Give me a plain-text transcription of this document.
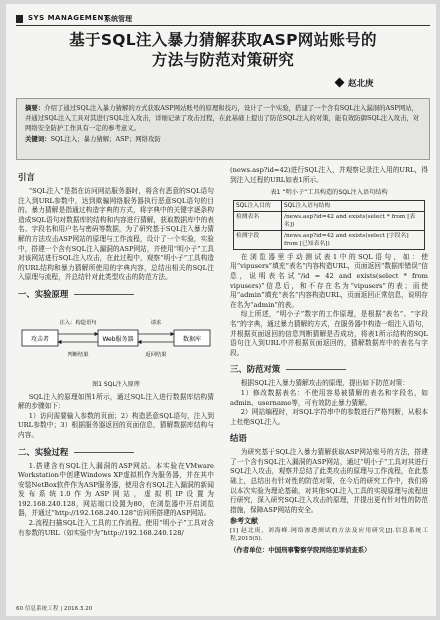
SYS MANAGEMENT
系统管理
基于SQL注入暴力猜解获取ASP网站账号的
方法与防范对策研究
赵北庚
摘要：介绍了通过SQL注入暴力猜解的方式获取ASP网站账号的原理和技巧，设计了一个实验，搭建了一个含有SQL注入漏洞的ASP网站，并通过SQL注入工具对其进行SQL注入攻击，详细记录了攻击过程，在此基础上提出了防范SQL注入的对策，能有效防御SQL注入攻击，对网络安全防护工作具有一定的参考意义。
关键词：SQL注入；暴力猜解；ASP；网络攻防
引言

“SQL注入”是指在访问网站服务器时，将含有恶意的SQL语句注入到URL参数中，达到欺骗网络服务器执行恶意SQL语句的目的。暴力猜解是指通过构造字典的方式，将字典中的关键字逐条构造成SQL语句对数据库的结构和内容进行猜解，获取数据库中的表名、字段名和用户名与密码等数据，为了研究基于SQL注入暴力猜解的方法攻击ASP网站的原理与工作流程，设计了一个实验，实验中，搭建一个含有SQL注入漏洞的ASP网站，并使用“明小子”工具对该网站进行SQL注入攻击，在此过程中，观察“明小子”工具构造的URL结构和暴力猜解所使用的字典内容，总结出相关的SQL注入原理与流程，并总结针对此类型攻击的防范方法。

一、实验原理
攻击者	Web服务器	数据库
注入：构造语句	请求
返回结果
判断结果
图1 SQL注入原理

SQL注入的原理如图1所示，通过SQL注入进行数据库结构猜解的步骤如下：

1）访问需要输入参数的页面；2）构造恶意SQL语句，注入到URL参数中；3）根据服务器返回的页面信息，猜解数据库结构与内容。

二、实验过程

1.搭建含有SQL注入漏洞的ASP网站。本实验在VMware Workstation中创建Windows XP虚拟机作为服务器，并在其中安装NetBox软件作为ASP服务器，使用含有SQL注入漏洞的新闻发布系统1.0作为ASP网站，虚拟机IP设置为192.168.240.128，网站端口设置为80，在浏览器中开启浏览器，并通过“http://192.168.240.128”访问所搭建的ASP网站。

2.流程扫描SQL注入工具的工作流程。使用“明小子”工具对含有参数的URL（如实验中为“http://192.168.240.128/

(news.asp?id=42)进行SQL注入，并观察记录注入用的URL，得到注入过程的URL如表1所示。

表1 “明小子”工具构造的SQL注入语句结构
SQL注入目的	SQL注入语句结构
检测表名	/news.asp?id=42 and exists(select * from [表名])
检测字段	/news.asp?id=42 and exists(select [字段名] from [已知表名])

在浏览器里手动测试表1中的SQL语句，如：使用“vipusers”填充“表名”内容构造URL，页面返回“数据库错误”信息，说明表名试“/id = 42 and exists(select * from vipusers)”信息后，和不存在名为“vipusers”的表；而使用“admin”填充“表名”内容构造URL，页面返回正常信息，说明存在名为“admin”的表。

综上所述，“明小子”数字的工作原理，是根据“表名”、“字段名”的字典，通过暴力猜解的方式，在服务器中构造一组注入语句，并根据页面返回的信息判断猜解是否成功，将表1所示结构的SQL语句注入到URL中并根据页面返回的，猜解数据库中的表名与字段。

三、防范对策

根据SQL注入暴力猜解攻击的原理，提出如下防范对策：

1）修改数据表名：不使用容易被猜解的表名和字段名，如admin、username等，可有效防止暴力猜解。

2）网站编程时，对SQL字符串中的参数进行严格判断，从根本上杜绝SQL注入。

结语

为研究基于SQL注入暴力猜解获取ASP网站账号的方法，搭建了一个含有SQL注入漏洞的ASP网站，通过“明小子”工具对其进行SQL注入攻击，观察并总结了此类攻击的原理与工作流程，在此基础上，总结出有针对性的防范对策，在今后的研究工作中，我们将以本次实验为理论基础，对其他SQL注入工具的实现原理与流程进行研究，深入研究SQL注入攻击的原理，并提出更有针对性的防范措施，保障ASP网站的安全。

参考文献
[1] 赵北庚，刘海峰.网络渗透测试的方法及应用研究[J].信息系统工程,2015(5).
（作者单位：中国刑事警察学院网络犯罪侦查系）
60 信息系统工程 | 2016.3.20
